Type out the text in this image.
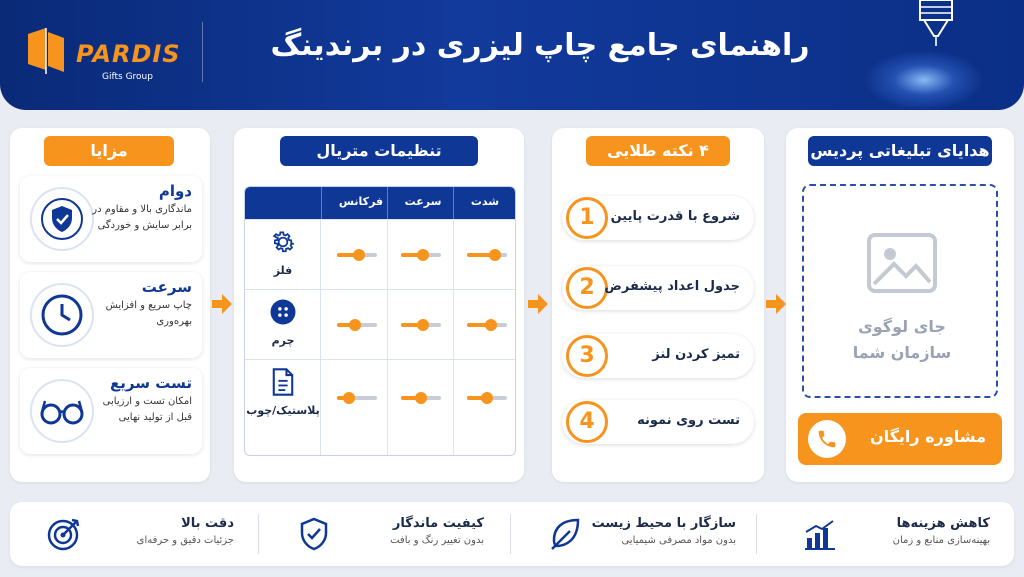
PARDIS
Gifts Group
راهنمای جامع چاپ لیزری در برندینگ
هدایای تبلیغاتی پردیس
جای لوگوی
سازمان شما
مشاوره رایگان
۴ نکته طلایی
1	شروع با قدرت پایین
2 جدول اعداد پیشفرض
3	تمیز کردن لنز
4	تست روی نمونه
تنظیمات متریال
فرکانس	سرعت	شدت
فلز
چرم
پلاستیک/چوب
مزایا
دوام
ماندگاری بالا و مقاوم در برابر سایش و خوردگی
سرعت
چاپ سریع و افزایش بهره‌وری
تست سریع
امکان تست و ارزیابی قبل از تولید نهایی
کاهش هزینه‌ها
بهینه‌سازی منابع و زمان
سازگار با محیط زیست
بدون مواد مصرفی شیمیایی
کیفیت ماندگار
بدون تغییر رنگ و بافت
دقت بالا
جزئیات دقیق و حرفه‌ای
